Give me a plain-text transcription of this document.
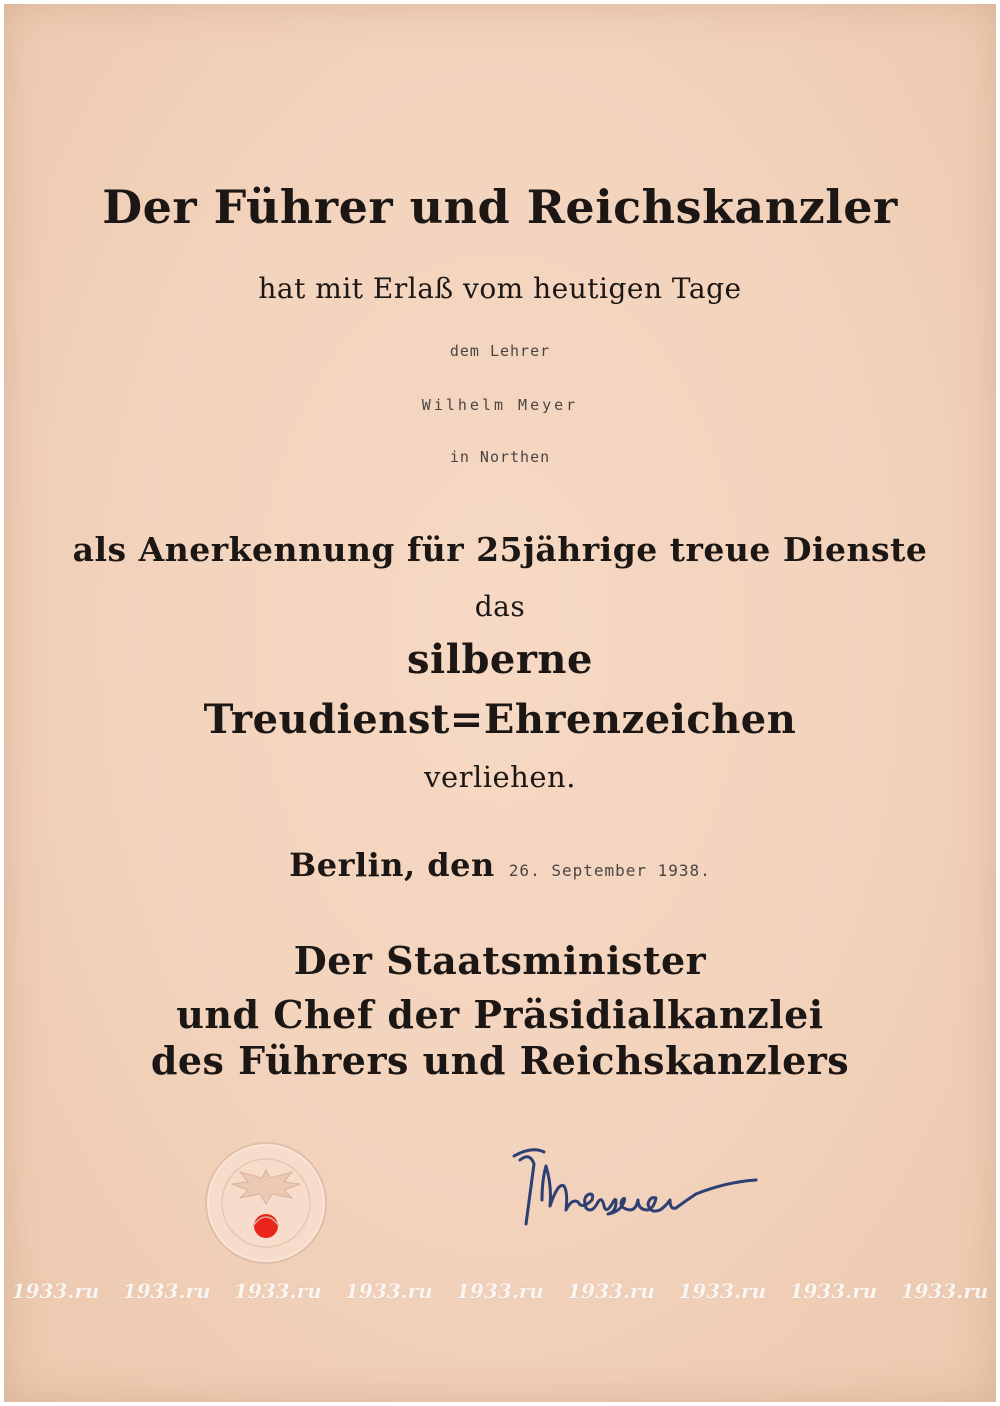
Der Führer und Reichskanzler
hat mit Erlaß vom heutigen Tage
dem Lehrer
Wilhelm Meyer
in Northen
als Anerkennung für 25jährige treue Dienste
das
silberne
Treudienst=Ehrenzeichen
verliehen.
Berlin, den 26. September 1938.
Der Staatsminister
und Chef der Präsidialkanzlei
des Führers und Reichskanzlers
1933.ru 1933.ru 1933.ru 1933.ru 1933.ru 1933.ru 1933.ru 1933.ru 1933.ru
